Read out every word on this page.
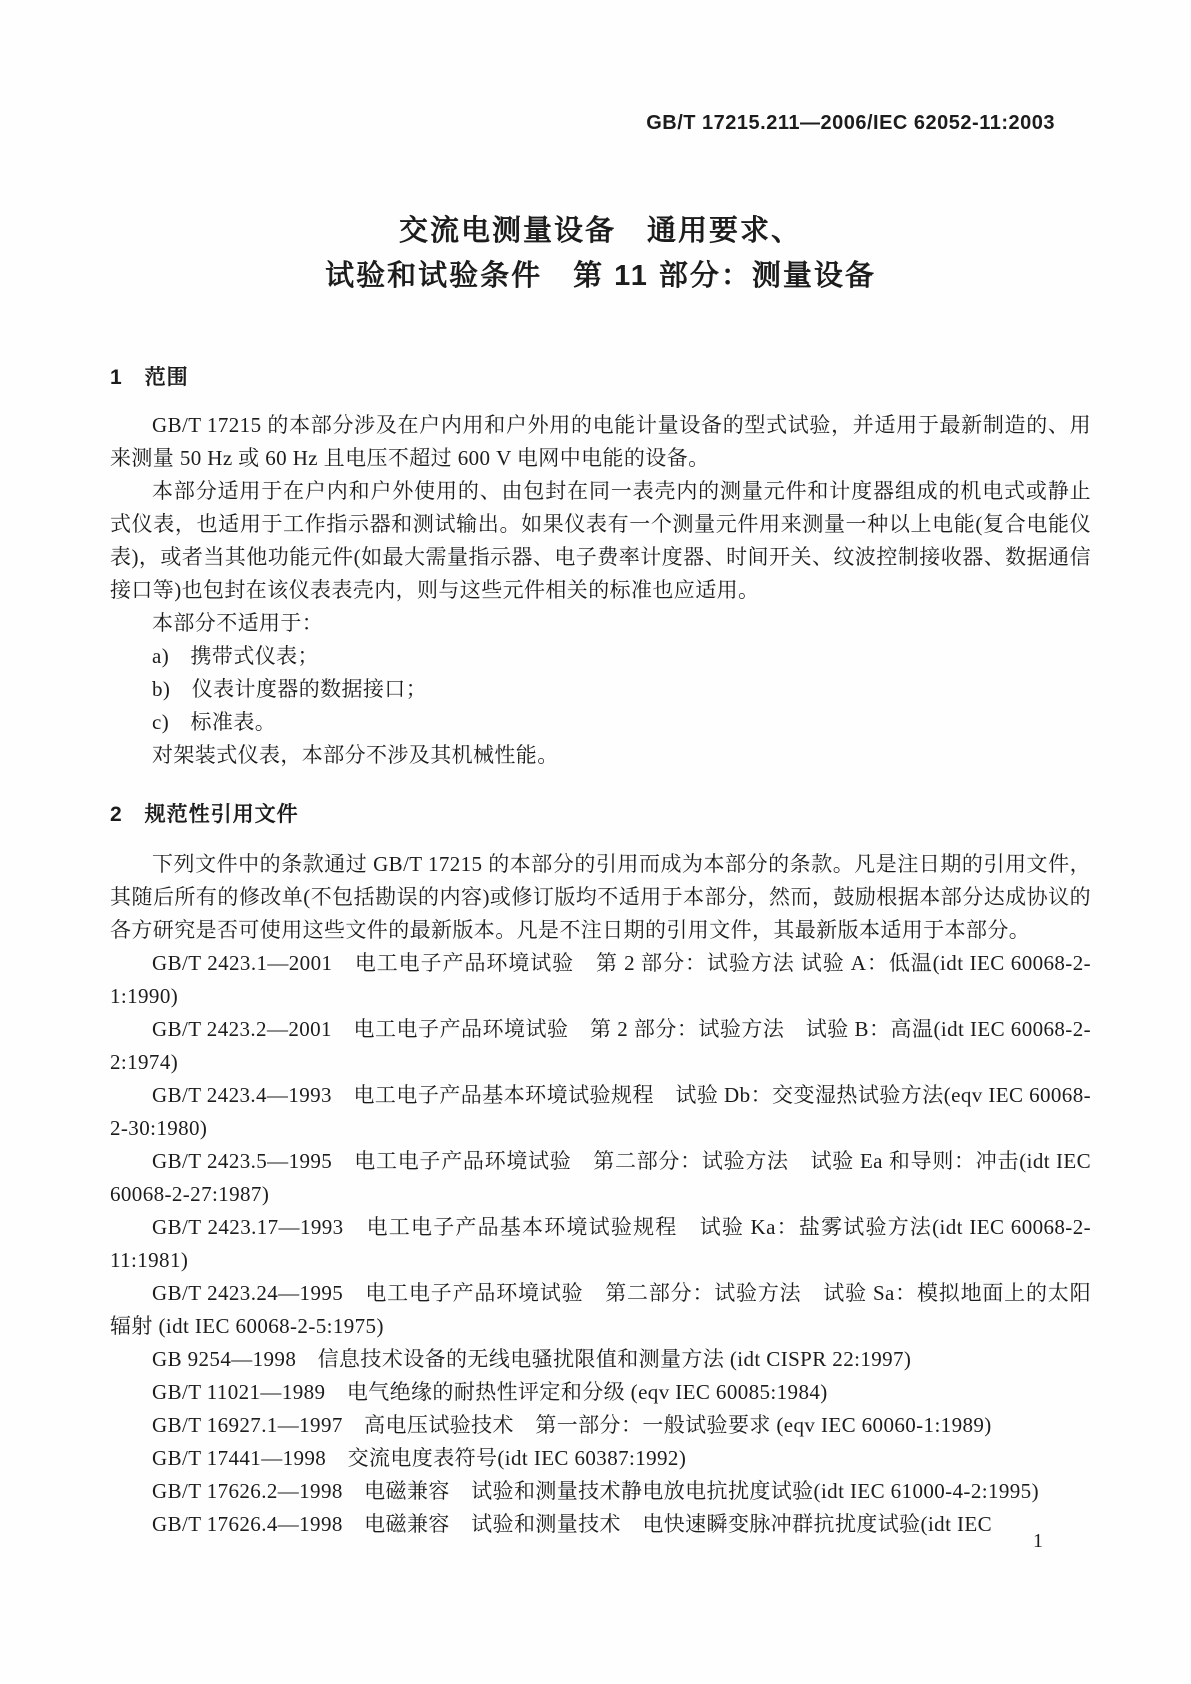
GB/T 17215.211—2006/IEC 62052-11:2003
交流电测量设备　通用要求、
试验和试验条件　第 11 部分：测量设备
1　范围

GB/T 17215 的本部分涉及在户内用和户外用的电能计量设备的型式试验，并适用于最新制造的、用来测量 50 Hz 或 60 Hz 且电压不超过 600 V 电网中电能的设备。

本部分适用于在户内和户外使用的、由包封在同一表壳内的测量元件和计度器组成的机电式或静止式仪表，也适用于工作指示器和测试输出。如果仪表有一个测量元件用来测量一种以上电能(复合电能仪表)，或者当其他功能元件(如最大需量指示器、电子费率计度器、时间开关、纹波控制接收器、数据通信接口等)也包封在该仪表表壳内，则与这些元件相关的标准也应适用。

本部分不适用于：

a)　携带式仪表；

b)　仪表计度器的数据接口；

c)　标准表。

对架装式仪表，本部分不涉及其机械性能。

2　规范性引用文件

下列文件中的条款通过 GB/T 17215 的本部分的引用而成为本部分的条款。凡是注日期的引用文件，其随后所有的修改单(不包括勘误的内容)或修订版均不适用于本部分，然而，鼓励根据本部分达成协议的各方研究是否可使用这些文件的最新版本。凡是不注日期的引用文件，其最新版本适用于本部分。

GB/T 2423.1—2001　电工电子产品环境试验　第 2 部分：试验方法 试验 A：低温(idt IEC 60068-2-1:1990)

GB/T 2423.2—2001　电工电子产品环境试验　第 2 部分：试验方法　试验 B：高温(idt IEC 60068-2-2:1974)

GB/T 2423.4—1993　电工电子产品基本环境试验规程　试验 Db：交变湿热试验方法(eqv IEC 60068-2-30:1980)

GB/T 2423.5—1995　电工电子产品环境试验　第二部分：试验方法　试验 Ea 和导则：冲击(idt IEC 60068-2-27:1987)

GB/T 2423.17—1993　电工电子产品基本环境试验规程　试验 Ka：盐雾试验方法(idt IEC 60068-2-11:1981)

GB/T 2423.24—1995　电工电子产品环境试验　第二部分：试验方法　试验 Sa：模拟地面上的太阳辐射 (idt IEC 60068-2-5:1975)

GB 9254—1998　信息技术设备的无线电骚扰限值和测量方法 (idt CISPR 22:1997)

GB/T 11021—1989　电气绝缘的耐热性评定和分级 (eqv IEC 60085:1984)

GB/T 16927.1—1997　高电压试验技术　第一部分：一般试验要求 (eqv IEC 60060-1:1989)

GB/T 17441—1998　交流电度表符号(idt IEC 60387:1992)

GB/T 17626.2—1998　电磁兼容　试验和测量技术静电放电抗扰度试验(idt IEC 61000-4-2:1995)

GB/T 17626.4—1998　电磁兼容　试验和测量技术　电快速瞬变脉冲群抗扰度试验(idt IEC

1
